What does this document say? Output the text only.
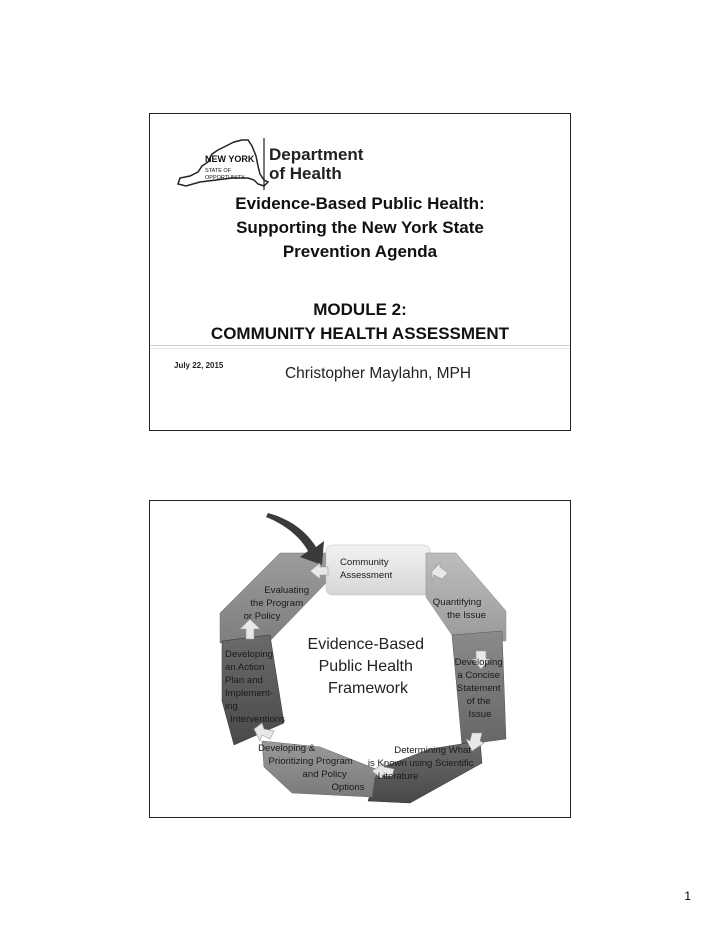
NEW YORK
STATE OF
OPPORTUNITY.
Department
of Health
Evidence-Based Public Health:
Supporting the New York State
Prevention Agenda
MODULE 2:
COMMUNITY HEALTH ASSESSMENT
July 22, 2015	Christopher Maylahn, MPH
Community Assessment
Quantifying the Issue
Developing a Concise Statement of the Issue
Determining What is Known using Scientific Literature
Developing & Prioritizing Program and Policy Options
Developing an Action Plan and Implement- ing Interventions
Evaluating the Program or Policy
Evidence-Based Public Health Framework
1
